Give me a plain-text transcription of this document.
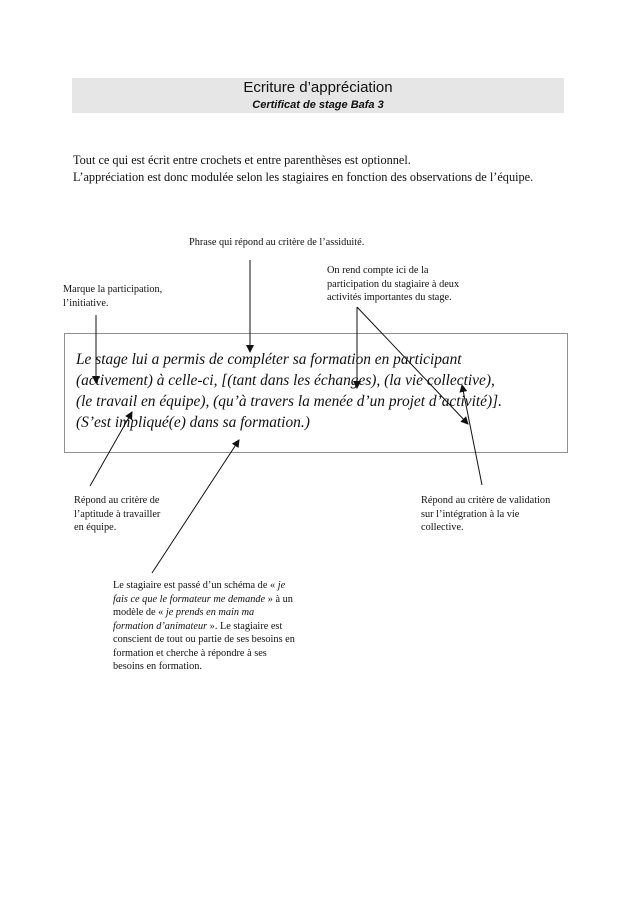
Ecriture d’appréciation
Certificat de stage Bafa 3
Tout ce qui est écrit entre crochets et entre parenthèses est optionnel.
L’appréciation est donc modulée selon les stagiaires en fonction des observations de l’équipe.
Phrase qui répond au critère de l’assiduité.
Marque la participation,
l’initiative.
On rend compte ici de la
participation du stagiaire à deux
activités importantes du stage.
Le stage lui a permis de compléter sa formation en participant
(activement) à celle-ci, [(tant dans les échanges), (la vie collective),
(le travail en équipe), (qu’à travers la menée d’un projet d’activité)].
(S’est impliqué(e) dans sa formation.)
Répond au critère de
l’aptitude à travailler
en équipe.
Répond au critère de validation
sur l’intégration à la vie
collective.
Le stagiaire est passé d’un schéma de « je fais ce que le formateur me demande » à un modèle de « je prends en main ma formation d’animateur ». Le stagiaire est conscient de tout ou partie de ses besoins en formation et cherche à répondre à ses besoins en formation.
